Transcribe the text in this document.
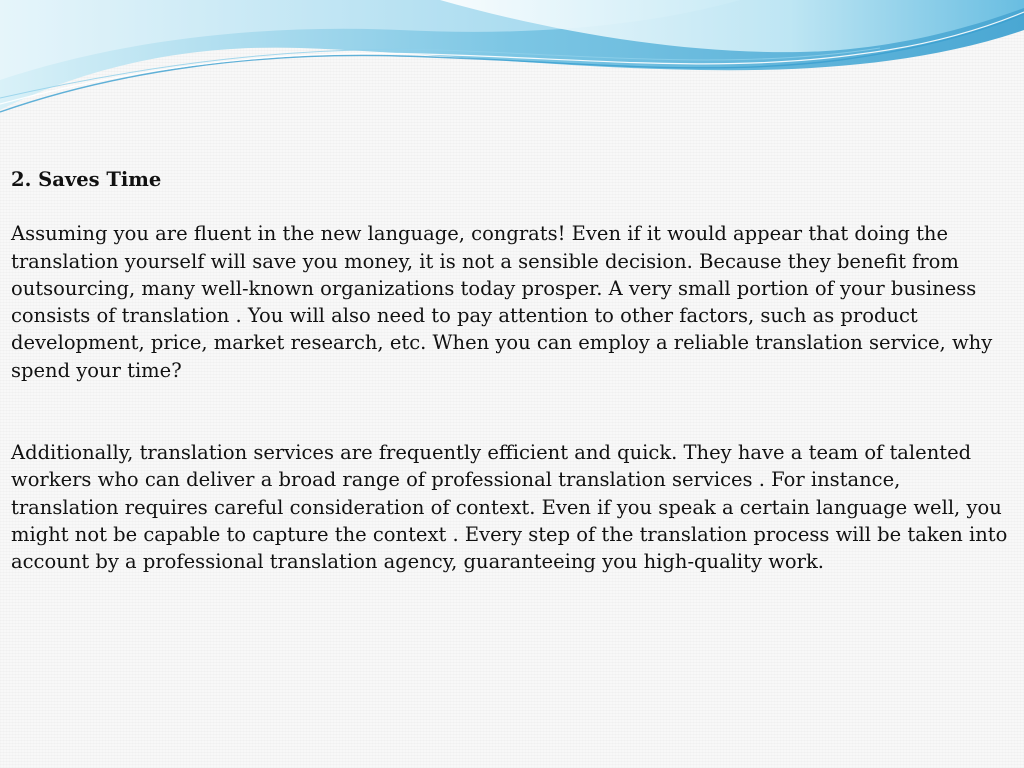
2. Saves Time

Assuming you are fluent in the new language, congrats! Even if it would appear that doing the translation yourself will save you money, it is not a sensible decision. Because they benefit from outsourcing, many well-known organizations today prosper. A very small portion of your business consists of translation . You will also need to pay attention to other factors, such as product development, price, market research, etc. When you can employ a reliable translation service, why spend your time?

Additionally, translation services are frequently efficient and quick. They have a team of talented workers who can deliver a broad range of professional translation services . For instance, translation requires careful consideration of context. Even if you speak a certain language well, you might not be capable to capture the context . Every step of the translation process will be taken into account by a professional translation agency, guaranteeing you high-quality work.
